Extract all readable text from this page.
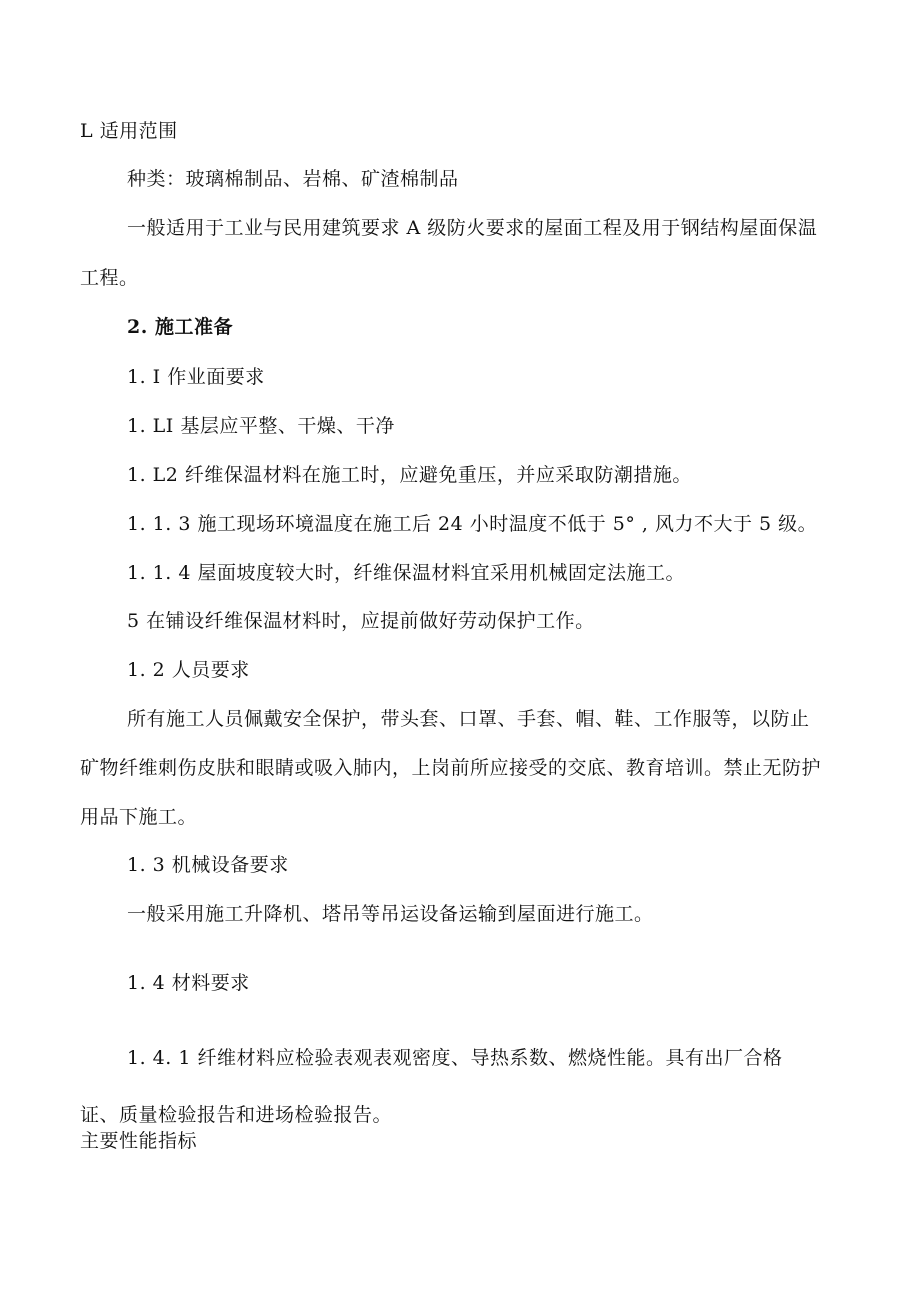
L 适用范围
种类：玻璃棉制品、岩棉、矿渣棉制品
一般适用于工业与民用建筑要求 A 级防火要求的屋面工程及用于钢结构屋面保温
工程。
2. 施工准备
1. I 作业面要求
1. LI 基层应平整、干燥、干净
1. L2 纤维保温材料在施工时，应避免重压，并应采取防潮措施。
1. 1. 3 施工现场环境温度在施工后 24 小时温度不低于 5° , 风力不大于 5 级。
1. 1. 4 屋面坡度较大时，纤维保温材料宜采用机械固定法施工。
5 在铺设纤维保温材料时，应提前做好劳动保护工作。
1. 2 人员要求
所有施工人员佩戴安全保护，带头套、口罩、手套、帽、鞋、工作服等，以防止
矿物纤维刺伤皮肤和眼睛或吸入肺内，上岗前所应接受的交底、教育培训。禁止无防护
用品下施工。
1. 3 机械设备要求
一般采用施工升降机、塔吊等吊运设备运输到屋面进行施工。
1. 4 材料要求
1. 4. 1 纤维材料应检验表观表观密度、导热系数、燃烧性能。具有出厂合格
证、质量检验报告和进场检验报告。
主要性能指标
